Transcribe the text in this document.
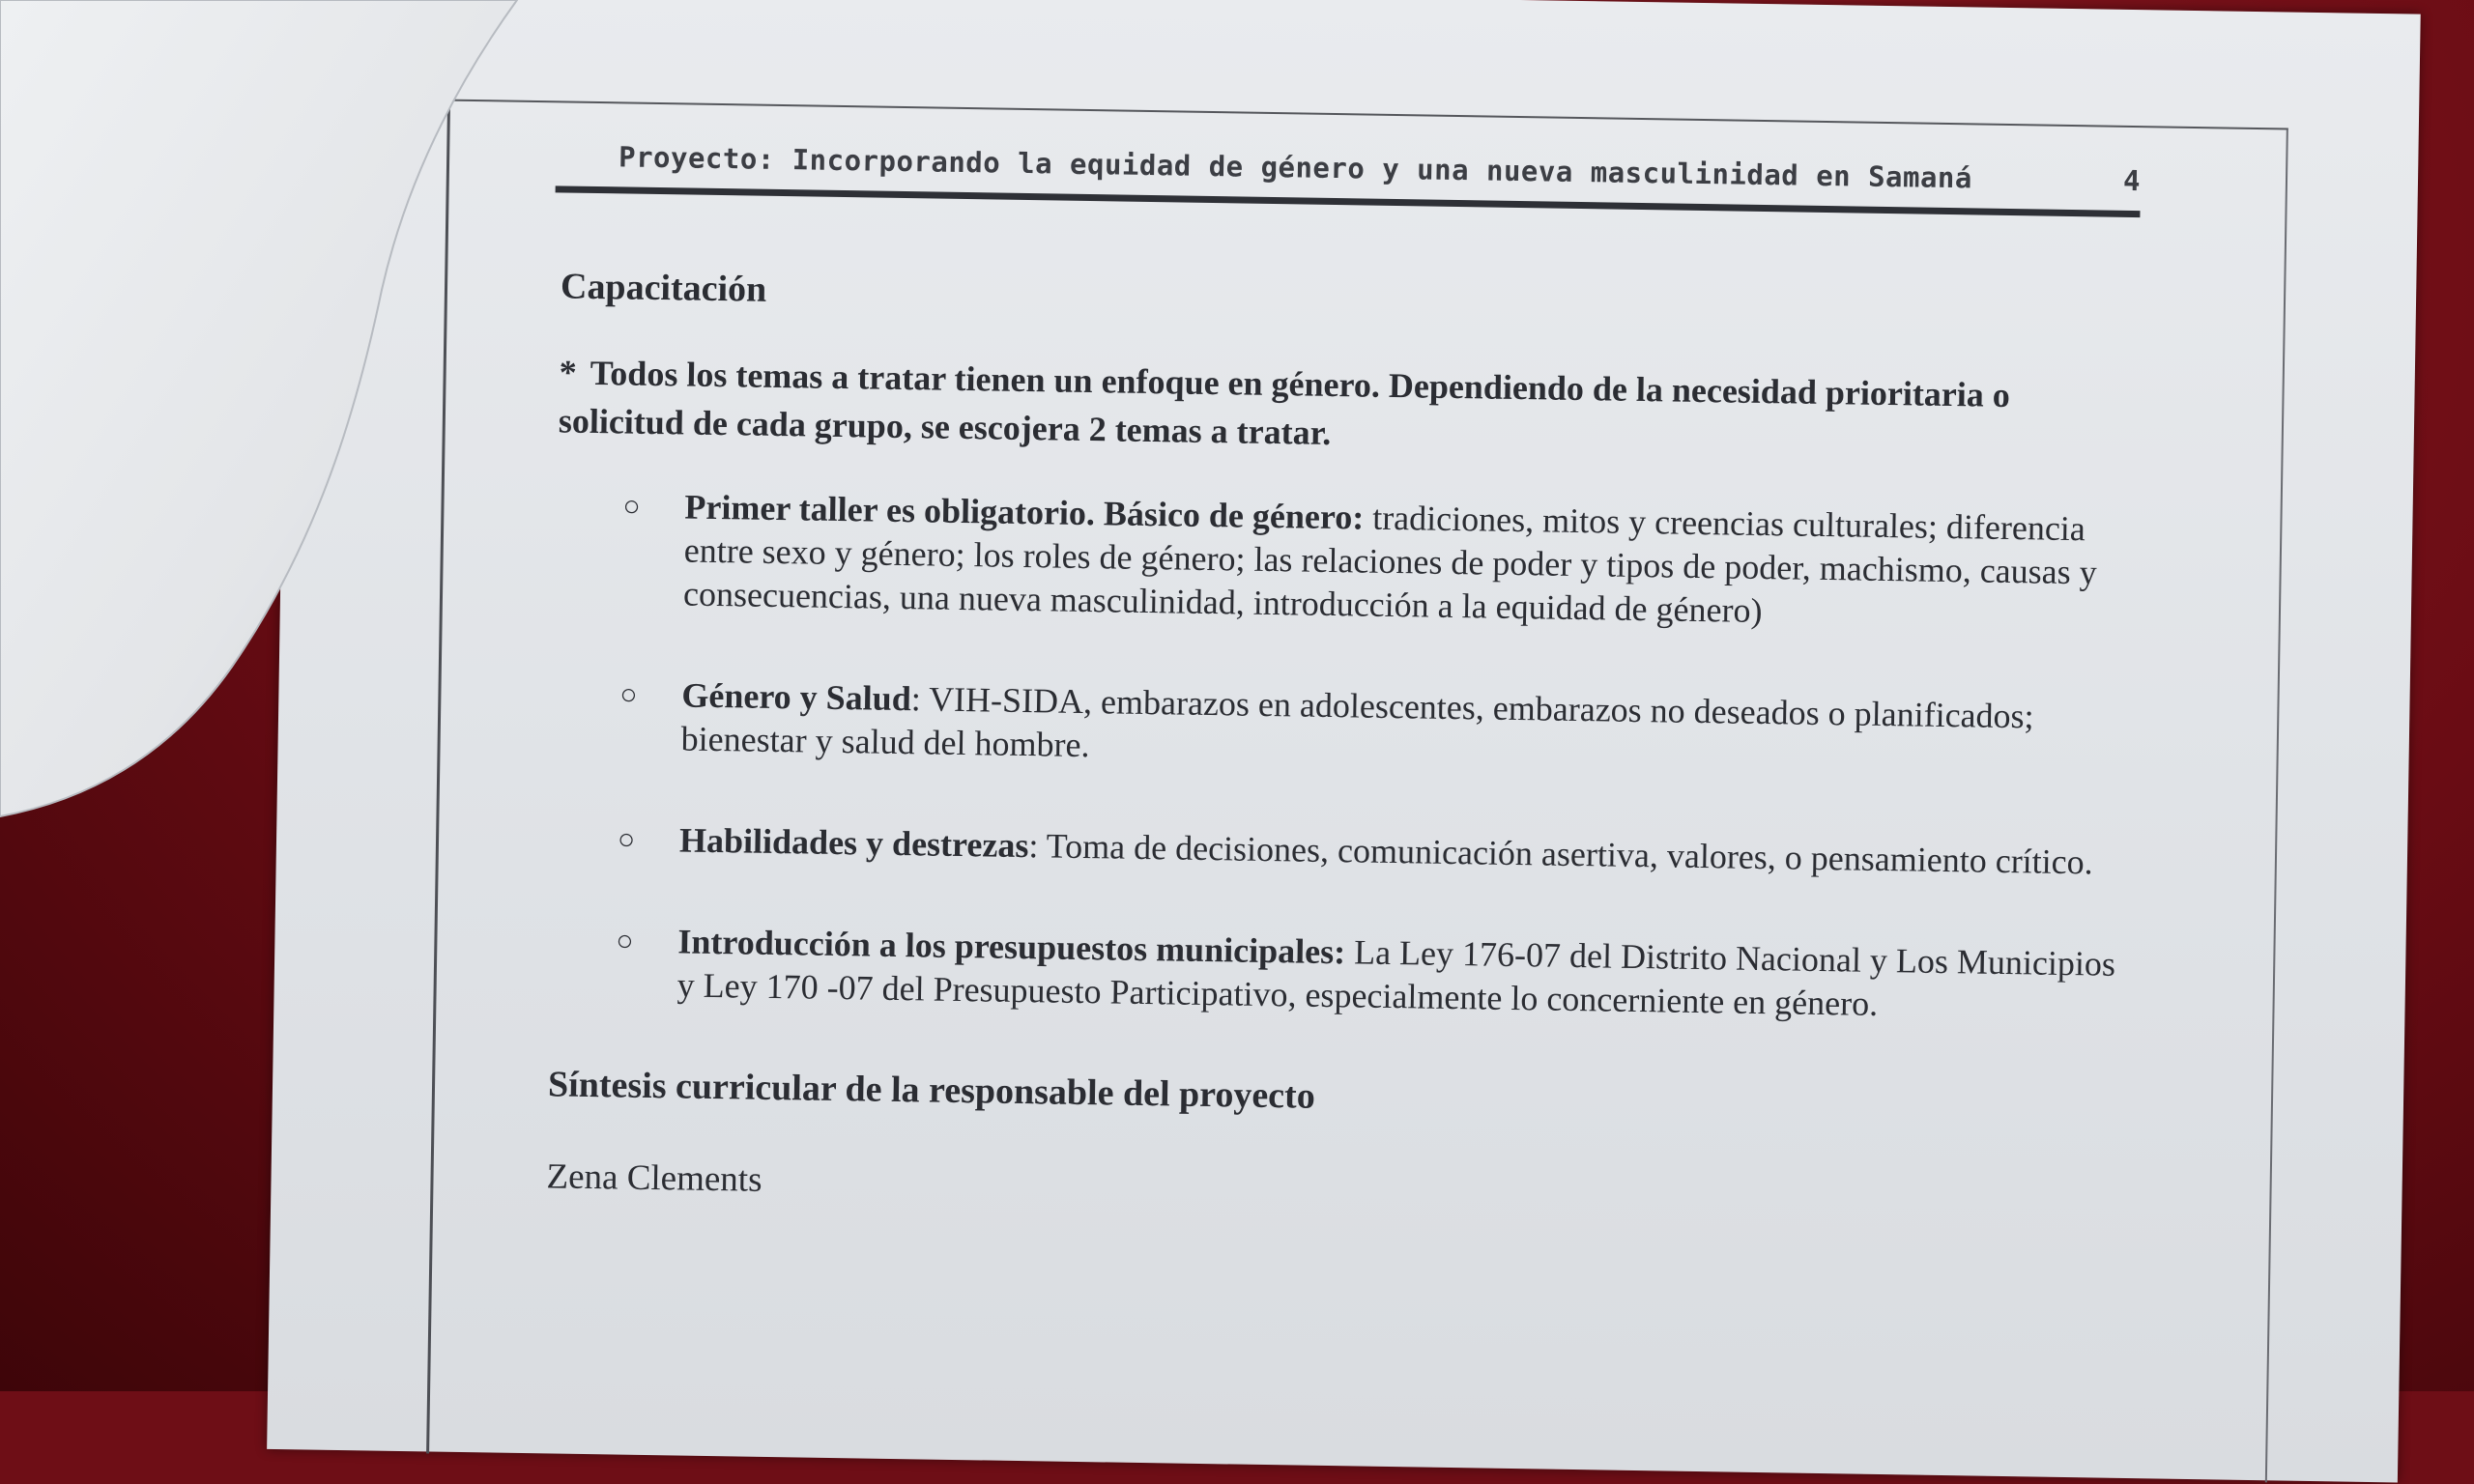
Proyecto: Incorporando la equidad de género y una nueva masculinidad en Samaná	4

Capacitación

* Todos los temas a tratar tienen un enfoque en género. Dependiendo de la necesidad prioritaria o solicitud de cada grupo, se escojera 2 temas a tratar.

○ Primer taller es obligatorio. Básico de género: tradiciones, mitos y creencias culturales; diferencia entre sexo y género; los roles de género; las relaciones de poder y tipos de poder, machismo, causas y consecuencias, una nueva masculinidad, introducción a la equidad de género)
○ Género y Salud: VIH-SIDA, embarazos en adolescentes, embarazos no deseados o planificados; bienestar y salud del hombre.
○ Habilidades y destrezas: Toma de decisiones, comunicación asertiva, valores, o pensamiento crítico.
○ Introducción a los presupuestos municipales: La Ley 176-07 del Distrito Nacional y Los Municipios y Ley 170 -07 del Presupuesto Participativo, especialmente lo concerniente en género.

Síntesis curricular de la responsable del proyecto

Zena Clements
